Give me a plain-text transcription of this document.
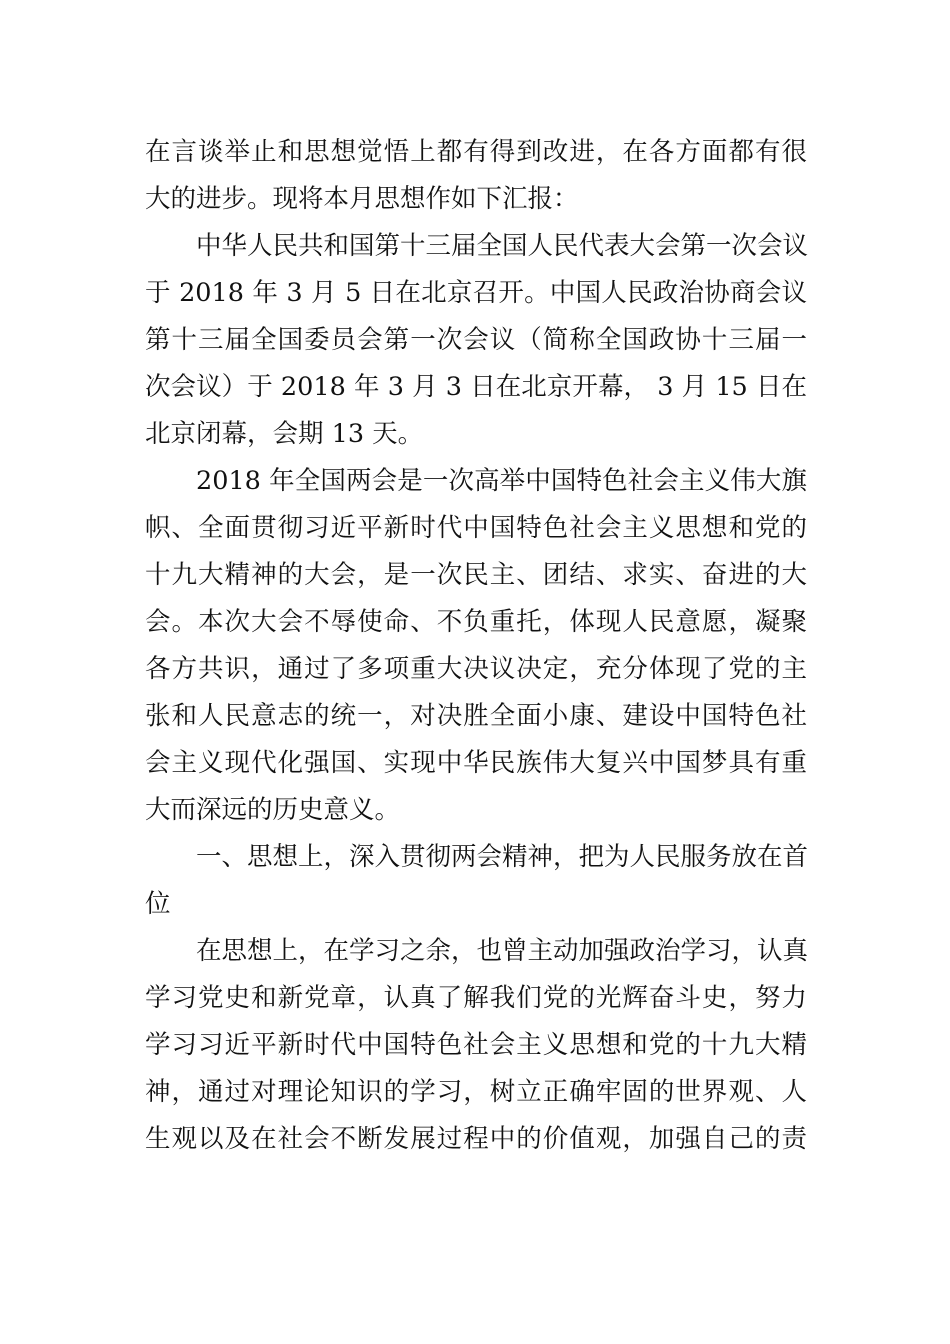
在言谈举止和思想觉悟上都有得到改进，在各方面都有很
大的进步。现将本月思想作如下汇报：
中华人民共和国第十三届全国人民代表大会第一次会议
于 2018 年 3 月 5 日在北京召开。中国人民政治协商会议
第十三届全国委员会第一次会议（简称全国政协十三届一
次会议）于 2018 年 3 月 3 日在北京开幕， 3 月 15 日在
北京闭幕，会期 13 天。
2018 年全国两会是一次高举中国特色社会主义伟大旗
帜、全面贯彻习近平新时代中国特色社会主义思想和党的
十九大精神的大会，是一次民主、团结、求实、奋进的大
会。本次大会不辱使命、不负重托，体现人民意愿，凝聚
各方共识，通过了多项重大决议决定，充分体现了党的主
张和人民意志的统一，对决胜全面小康、建设中国特色社
会主义现代化强国、实现中华民族伟大复兴中国梦具有重
大而深远的历史意义。
一、思想上，深入贯彻两会精神，把为人民服务放在首
位
在思想上，在学习之余，也曾主动加强政治学习，认真
学习党史和新党章，认真了解我们党的光辉奋斗史，努力
学习习近平新时代中国特色社会主义思想和党的十九大精
神，通过对理论知识的学习，树立正确牢固的世界观、人
生观以及在社会不断发展过程中的价值观，加强自己的责
